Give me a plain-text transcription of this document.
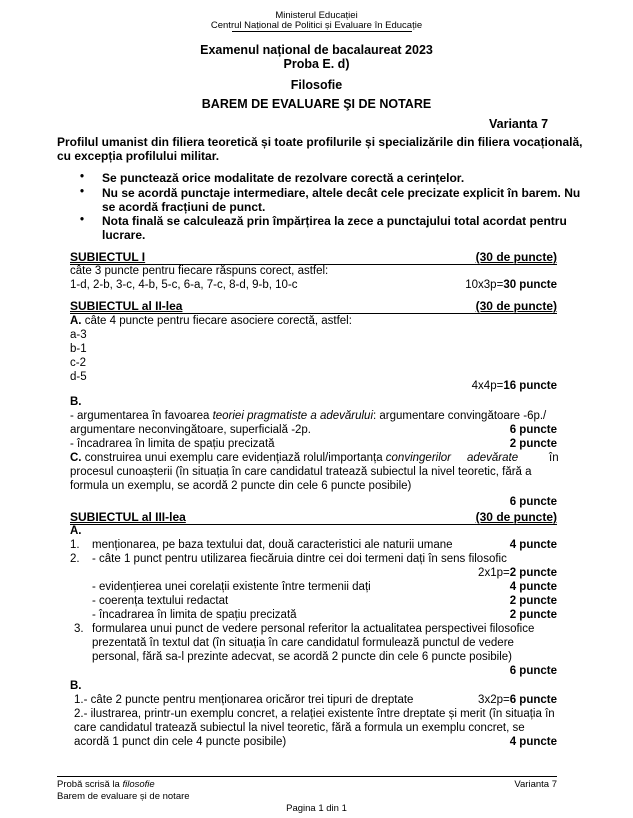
Ministerul Educației
Centrul Național de Politici și Evaluare în Educație
Examenul național de bacalaureat 2023
Proba E. d)
Filosofie
BAREM DE EVALUARE ŞI DE NOTARE
Varianta 7
Profilul umanist din filiera teoretică și toate profilurile și specializările din filiera vocațională,
cu excepția profilului militar.
• Se punctează orice modalitate de rezolvare corectă a cerințelor.
• Nu se acordă punctaje intermediare, altele decât cele precizate explicit în barem. Nu
se acordă fracțiuni de punct.
• Nota finală se calculează prin împărțirea la zece a punctajului total acordat pentru
lucrare.
SUBIECTUL I	(30 de puncte)
câte 3 puncte pentru fiecare răspuns corect, astfel:
1-d, 2-b, 3-c, 4-b, 5-c, 6-a, 7-c, 8-d, 9-b, 10-c	10x3p=30 puncte
SUBIECTUL al II-lea	(30 de puncte)
A. câte 4 puncte pentru fiecare asociere corectă, astfel:
a-3
b-1
c-2
d-5
4x4p=16 puncte
B.
- argumentarea în favoarea teoriei pragmatiste a adevărului: argumentare convingătoare -6p./
argumentare neconvingătoare, superficială -2p.	6 puncte
- încadrarea în limita de spațiu precizată	2 puncte
C. construirea unui exemplu care evidențiază rolul/importanța convingerilor adevărate	în
procesul cunoașterii (în situația în care candidatul tratează subiectul la nivel teoretic, fără a
formula un exemplu, se acordă 2 puncte din cele 6 puncte posibile)
6 puncte
SUBIECTUL al III-lea	(30 de puncte)
A.
1. menționarea, pe baza textului dat, două caracteristici ale naturii umane	4 puncte
2. - câte 1 punct pentru utilizarea fiecăruia dintre cei doi termeni dați în sens filosofic
2x1p=2 puncte
- evidențierea unei corelații existente între termenii dați	4 puncte
- coerența textului redactat	2 puncte
- încadrarea în limita de spațiu precizată	2 puncte
3. formularea unui punct de vedere personal referitor la actualitatea perspectivei filosofice
prezentată în textul dat (în situația în care candidatul formulează punctul de vedere
personal, fără sa-l prezinte adecvat, se acordă 2 puncte din cele 6 puncte posibile)
6 puncte
B.
1.- câte 2 puncte pentru menționarea oricăror trei tipuri de dreptate	3x2p=6 puncte
2.- ilustrarea, printr-un exemplu concret, a relației existente între dreptate și merit (în situația în
care candidatul tratează subiectul la nivel teoretic, fără a formula un exemplu concret, se
acordă 1 punct din cele 4 puncte posibile)	4 puncte
Probă scrisă la filosofie
Barem de evaluare și de notare
Varianta 7
Pagina 1 din 1
